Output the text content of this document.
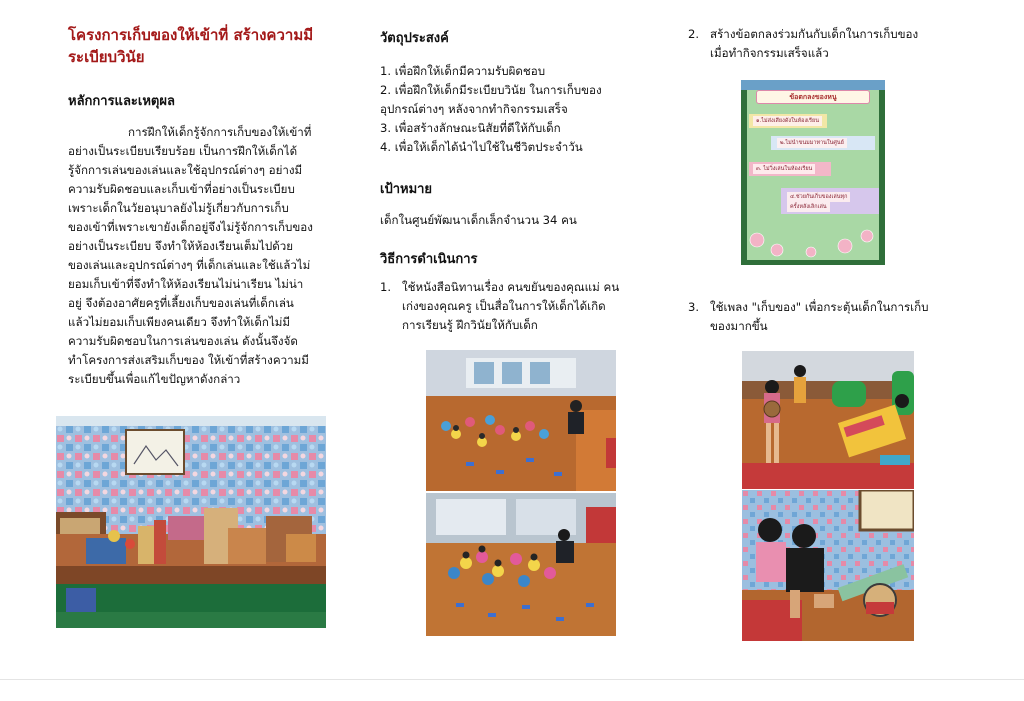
โครงการเก็บของให้เข้าที่ สร้างความมี
ระเบียบวินัย
หลักการและเหตุผล
การฝึกให้เด็กรู้จักการเก็บของให้เข้าที่
อย่างเป็นระเบียบเรียบร้อย เป็นการฝึกให้เด็กได้
รู้จักการเล่นของเล่นและใช้อุปกรณ์ต่างๆ อย่างมี
ความรับผิดชอบและเก็บเข้าที่อย่างเป็นระเบียบ
เพราะเด็กในวัยอนุบาลยังไม่รู้เกี่ยวกับการเก็บ
ของเข้าที่เพราะเขายังเด็กอยู่จึงไม่รู้จักการเก็บของ
อย่างเป็นระเบียบ จึงทำให้ห้องเรียนเต็มไปด้วย
ของเล่นและอุปกรณ์ต่างๆ ที่เด็กเล่นและใช้แล้วไม่
ยอมเก็บเข้าที่จึงทำให้ห้องเรียนไม่น่าเรียน ไม่น่า
อยู่ จึงต้องอาศัยครูที่เลี้ยงเก็บของเล่นที่เด็กเล่น
แล้วไม่ยอมเก็บเพียงคนเดียว จึงทำให้เด็กไม่มี
ความรับผิดชอบในการเล่นของเล่น ดังนั้นจึงจัด
ทำโครงการส่งเสริมเก็บของ ให้เข้าที่สร้างความมี
ระเบียบขึ้นเพื่อแก้ไขปัญหาดังกล่าว
วัตถุประสงค์
1. เพื่อฝึกให้เด็กมีความรับผิดชอบ
2. เพื่อฝึกให้เด็กมีระเบียบวินัย ในการเก็บของ
อุปกรณ์ต่างๆ หลังจากทำกิจกรรมเสร็จ
3. เพื่อสร้างลักษณะนิสัยที่ดีให้กับเด็ก
4. เพื่อให้เด็กได้นำไปใช้ในชีวิตประจำวัน
เป้าหมาย
เด็กในศูนย์พัฒนาเด็กเล็กจำนวน 34 คน
วิธีการดำเนินการ
1. ใช้หนังสือนิทานเรื่อง คนขยันของคุณแม่ คน
เก่งของคุณครู เป็นสื่อในการให้เด็กได้เกิด
การเรียนรู้ ฝึกวินัยให้กับเด็ก
2. สร้างข้อตกลงร่วมกันกับเด็กในการเก็บของ
เมื่อทำกิจกรรมเสร็จแล้ว
ข้อตกลงของหนู
๑.ไม่ส่งเสียงดังในห้องเรียน
๒.ไม่นำขนมมาทานในศูนย์
๓. ไม่วิ่งเล่นในห้องเรียน
๔.ช่วยกันเก็บของเล่นทุก
ครั้งหลังเลิกเล่น
3. ใช้เพลง "เก็บของ" เพื่อกระตุ้นเด็กในการเก็บ
ของมากขึ้น
